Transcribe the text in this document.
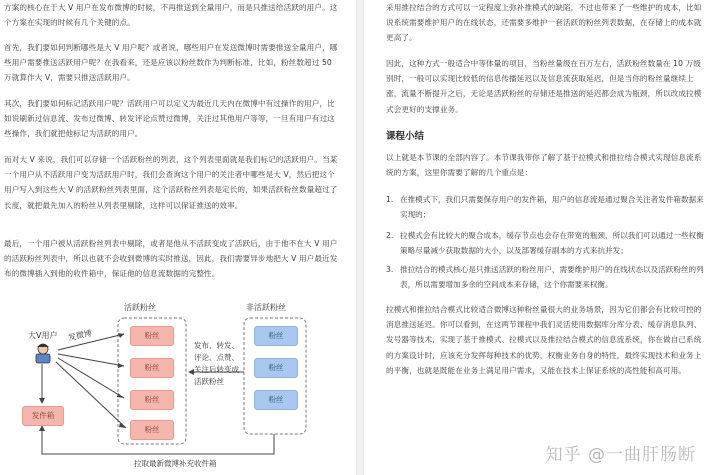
方案的核心在于大 V 用户在发布微博的时候，不再推送到全量用户，而是只推送给活跃的用户。这个方案在实现的时候有几个关键的点。

首先，我们要如何判断哪些是大 V 用户呢？或者说，哪些用户在发送微博时需要推送全量用户，哪些用户需要推送活跃用户呢？在我看来，还是应该以粉丝数作为判断标准，比如，粉丝数超过 50 万就算作大 V，需要只推送活跃用户。

其次，我们要如何标记活跃用户呢？活跃用户可以定义为最近几天内在微博中有过操作的用户，比如说刷新过信息流、发布过微博、转发评论点赞过微博，关注过其他用户等等，一旦有用户有过这些操作，我们就把他标记为活跃的用户。

而对大 V 来说，我们可以存储一个活跃粉丝的列表，这个列表里面就是我们标记的活跃用户。当某一个用户从不活跃用户变为活跃用户时，我们会查询这个用户的关注者中哪些是大 V，然后把这个用户写入到这些大 V 的活跃粉丝列表里面，这个活跃粉丝列表是定长的，如果活跃粉丝数量超过了长度，就把最先加入的粉丝从列表里剔除，这样可以保证推送的效率。

最后，一个用户被从活跃粉丝列表中剔除，或者是他从不活跃变成了活跃后，由于他不在大 V 用户的活跃粉丝列表中，所以也就不会收到微博的实时推送，因此，我们需要异步地把大 V 用户最近发布的微博插入到他的收件箱中，保证他的信息流数据的完整性。

活跃粉丝	非活跃粉丝
大V用户 发微博
发件箱
粉丝
粉丝
粉丝
粉丝
粉丝
粉丝
粉丝
发布、转发、评论、点赞、关注后转变成活跃粉丝
拉取最新微博补充收件箱

采用推拉结合的方式可以一定程度上弥补推模式的缺陷，不过也带来了一些维护的成本，比如说系统需要维护用户的在线状态，还需要多维护一套活跃的粉丝列表数据，在存储上的成本就更高了。

因此，这种方式一般适合中等体量的项目，当粉丝量级在百万左右，活跃粉丝数量在 10 万级别时，一般可以实现比较低的信息传播延迟以及信息流获取延迟，但是当你的粉丝量继续上涨，流量不断提升之后，无论是活跃粉丝的存储还是推送的延迟都会成为瓶颈，所以改成拉模式会更好的支撑业务。

课程小结

以上就是本节课的全部内容了。本节课我带你了解了基于拉模式和推拉结合模式实现信息流系统的方案，这里你需要了解的几个重点是：

1. 在推模式下，我们只需要保存用户的发件箱，用户的信息流是通过聚合关注者发件箱数据来实现的；
2. 拉模式会有比较大的聚合成本，缓存节点也会存在带宽的瓶颈，所以我们可以通过一些权衡策略尽量减少获取数据的大小，以及部署缓存副本的方式来抗并发；
3. 推拉结合的模式核心是只推送活跃的粉丝用户，需要维护用户的在线状态以及活跃粉丝的列表，所以需要增加多余的空间成本来存储，这个你需要来权衡。

拉模式和推拉结合模式比较适合微博这种粉丝量很大的业务场景，因为它们都会有比较可控的消息推送延迟。你可以看到，在这两节课程中我们灵活使用数据库分库分表、缓存消息队列、发号器等技术，实现了基于推模式、拉模式以及推拉结合模式的信息流系统，你在做自己系统的方案设计时，应该充分发挥每种技术的优势，权衡业务自身的特性，最终实现技术和业务上的平衡，也就是既能在业务上满足用户需求，又能在技术上保证系统的高性能和高可用。

知乎 @一曲肝肠断
